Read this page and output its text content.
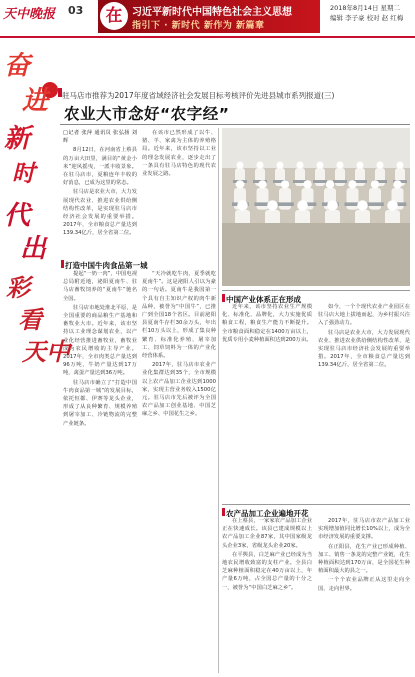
天中晚报 03	在 习近平新时代中国特色社会主义思想
指引下 · 新时代 新作为 新篇章
2018年8月14日 星期二
编辑 李子豪 校对 赵 红梅
奋
进
新
时
代
出
彩
看
天中
驻马店市推荐为2017年度省域经济社会发展目标考核评价先进县城市系列报道(三)
农业大市念好“农字经”

□记者 张萍 通讯员 张弘扬 刘 辉

8月12日，在河南省上蔡县的万亩大田里，满目的“黄金小米”迎风摇曳，一派丰收景象。在驻马店市，夏粮连年丰收的好消息，已成为这里的常态。

驻马店是农业大市，大力发展现代农业、推进农业供给侧结构性改革，是实现驻马店市经济社会发展的重要举措。2017年，全市粮食总产量达到139.34亿斤，居全省第二位。

在该市已然形成了以牛、猪、羊、家禽为主体的养殖格局。近年来，该市坚持以工业的理念发展农业，逐步走出了一条具有驻马店特色的现代农业发展之路。

打造中国牛肉食品第一城

提起“一奶一肉”，中国电视总局附近地，泌阳夏南牛、驻马店畜牧饲养的“夏南牛”驰名全国。

驻马店市地处淮北平原，是全国重要的商品粮生产基地和畜牧业大市。近年来，该市坚持以工业理念谋划农业，以产业化经营推进畜牧业，畜牧业成为农民增收的主导产业。2017年，全市肉类总产量达到96万吨，牛奶产量达到17万吨，禽蛋产量达到36万吨。

驻马店市确立了“打造中国牛肉食品第一城”的发展目标，依托恒都、伊赛等龙头企业，形成了从良种繁育、规模养殖到屠宰加工、冷链物流的完整产业链条。

“天冷就吃牛肉，夏季就吃夏南牛”。这是泌阳人引以为豪的一句话。夏南牛是我国第一个具有自主知识产权的肉牛新品种，被誉为“中国牛”，已推广到全国18个省区。目前泌阳县夏南牛存栏30余万头，年出栏10万头以上，形成了集良种繁育、标准化养殖、屠宰加工、饲草饲料为一体的产业化经营体系。

2017年，驻马店市农业产业化集群达到35个，全市规模以上农产品加工企业达到1000家，实现主营业务收入1500亿元。驻马店市先后被评为全国农产品加工创业基地、中国芝麻之乡、中国花生之乡。

中国产业体系正在形成

近年来，该市坚持农业生产规模化、标准化、品牌化，大力实施优质粮食工程，粮食生产能力不断提升。全市粮食面积稳定在1400万亩以上，优质专用小麦种植面积达到200万亩。

如今，一个个现代农业产业园区在驻马店大地上拔地而起，为乡村振兴注入了强劲动力。

驻马店是农业大市，大力发展现代农业、推进农业供给侧结构性改革，是实现驻马店市经济社会发展的重要举措。2017年，全市粮食总产量达到139.34亿斤，居全省第二位。

农产品加工企业遍地开花

在上蔡县，一家家农产品加工企业正在快速成长。该县已建成规模以上农产品加工企业87家，其中国家级龙头企业3家，省级龙头企业20家。

在平舆县，白芝麻产业已经成为当地农民增收致富的支柱产业。全县白芝麻种植面积稳定在40万亩以上，年产量6万吨，占全国总产量的十分之一，被誉为“中国白芝麻之乡”。

2017年，驻马店市农产品加工业实现增加值同比增长10%以上，成为全市经济发展的重要支撑。

在正阳县，花生产业已形成种植、加工、销售一条龙的完整产业链，花生种植面积达到170万亩，是全国花生种植面积最大的县之一。

一个个农业品牌正从这里走向全国、走向世界。
